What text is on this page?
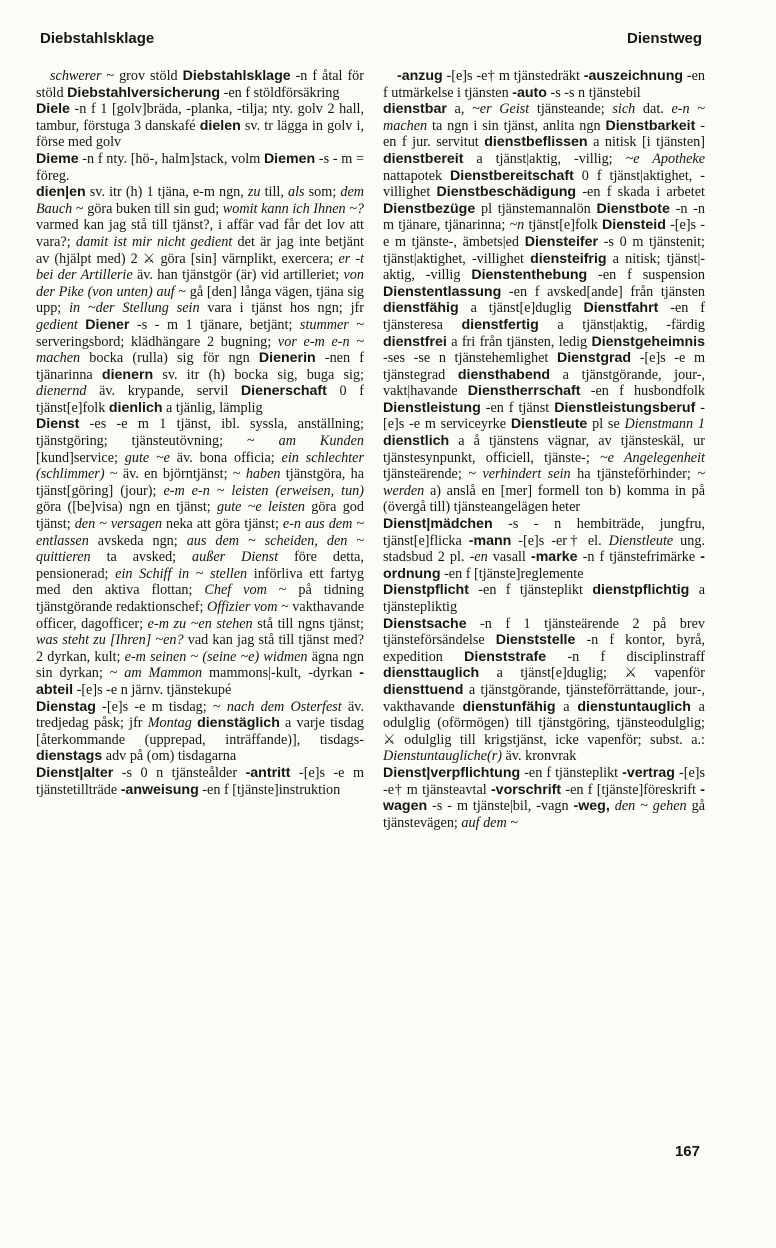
Diebstahlsklage	Dienstweg

schwerer ~ grov stöld Diebstahlsklage -n f åtal för stöld Diebstahlversicherung -en f stöldförsäkring

Diele -n f 1 [golv]bräda, -planka, -tilja; nty. golv 2 hall, tambur, förstuga 3 danskafé dielen sv. tr lägga in golv i, förse med golv

Dieme -n f nty. [hö-, halm]stack, volm Diemen -s - m = föreg.

dien|en sv. itr (h) 1 tjäna, e-m ngn, zu till, als som; dem Bauch ~ göra buken till sin gud; womit kann ich Ihnen ~? varmed kan jag stå till tjänst?, i affär vad får det lov att vara?; damit ist mir nicht gedient det är jag inte betjänt av (hjälpt med) 2 ⚔ göra [sin] värnplikt, exercera; er -t bei der Artillerie äv. han tjänstgör (är) vid artilleriet; von der Pike (von unten) auf ~ gå [den] långa vägen, tjäna sig upp; in ~der Stellung sein vara i tjänst hos ngn; jfr gedient Diener -s - m 1 tjänare, betjänt; stummer ~ serveringsbord; klädhängare 2 bugning; vor e-m e-n ~ machen bocka (rulla) sig för ngn Dienerin -nen f tjänarinna dienern sv. itr (h) bocka sig, buga sig; dienernd äv. krypande, servil Dienerschaft 0 f tjänst[e]folk dienlich a tjänlig, lämplig

Dienst -es -e m 1 tjänst, ibl. syssla, anställning; tjänstgöring; tjänsteutövning; ~ am Kunden [kund]service; gute ~e äv. bona officia; ein schlechter (schlimmer) ~ äv. en björntjänst; ~ haben tjänstgöra, ha tjänst[göring] (jour); e-m e-n ~ leisten (erweisen, tun) göra ([be]visa) ngn en tjänst; gute ~e leisten göra god tjänst; den ~ versagen neka att göra tjänst; e-n aus dem ~ entlassen avskeda ngn; aus dem ~ scheiden, den ~ quittieren ta avsked; außer Dienst före detta, pensionerad; ein Schiff in ~ stellen införliva ett fartyg med den aktiva flottan; Chef vom ~ på tidning tjänstgörande redaktionschef; Offizier vom ~ vakthavande officer, dagofficer; e-m zu ~en stehen stå till ngns tjänst; was steht zu [Ihren] ~en? vad kan jag stå till tjänst med? 2 dyrkan, kult; e-m seinen ~ (seine ~e) widmen ägna ngn sin dyrkan; ~ am Mammon mammons|-kult, -dyrkan -abteil -[e]s -e n järnv. tjänstekupé

Dienstag -[e]s -e m tisdag; ~ nach dem Osterfest äv. tredjedag påsk; jfr Montag dienstäglich a varje tisdag [återkommande (upprepad, inträffande)], tisdags- dienstags adv på (om) tisdagarna

Dienst|alter -s 0 n tjänsteålder -antritt -[e]s -e m tjänstetillträde -anweisung -en f [tjänste]instruktion

-anzug -[e]s -e† m tjänstedräkt -auszeichnung -en f utmärkelse i tjänsten -auto -s -s n tjänstebil

dienstbar a, ~er Geist tjänsteande; sich dat. e-n ~ machen ta ngn i sin tjänst, anlita ngn Dienstbarkeit -en f jur. servitut dienstbeflissen a nitisk [i tjänsten] dienstbereit a tjänst|aktig, -villig; ~e Apotheke nattapotek Dienstbereitschaft 0 f tjänst|aktighet, -villighet Dienstbeschädigung -en f skada i arbetet Dienstbezüge pl tjänstemannalön Dienstbote -n -n m tjänare, tjänarinna; ~n tjänst[e]folk Diensteid -[e]s -e m tjänste-, ämbets|ed Diensteifer -s 0 m tjänstenit; tjänst|aktighet, -villighet diensteifrig a nitisk; tjänst|-aktig, -villig Dienstenthebung -en f suspension Dienstentlassung -en f avsked[ande] från tjänsten dienstfähig a tjänst[e]duglig Dienstfahrt -en f tjänsteresa dienstfertig a tjänst|aktig, -färdig dienstfrei a fri från tjänsten, ledig Dienstgeheimnis -ses -se n tjänstehemlighet Dienstgrad -[e]s -e m tjänstegrad diensthabend a tjänstgörande, jour-, vakt|havande Dienstherrschaft -en f husbondfolk Dienstleistung -en f tjänst Dienstleistungsberuf -[e]s -e m serviceyrke Dienstleute pl se Dienstmann 1 dienstlich a å tjänstens vägnar, av tjänsteskäl, ur tjänstesynpunkt, officiell, tjänste-; ~e Angelegenheit tjänsteärende; ~ verhindert sein ha tjänsteförhinder; ~ werden a) anslå en [mer] formell ton b) komma in på (övergå till) tjänsteangelägen heter

Dienst|mädchen -s - n hembiträde, jungfru, tjänst[e]flicka -mann -[e]s -er† el. Dienstleute ung. stadsbud 2 pl. -en vasall -marke -n f tjänstefrimärke -ordnung -en f [tjänste]reglemente

Dienstpflicht -en f tjänsteplikt dienstpflichtig a tjänstepliktig

Dienstsache -n f 1 tjänsteärende 2 på brev tjänsteförsändelse Dienststelle -n f kontor, byrå, expedition Dienststrafe -n f disciplinstraff diensttauglich a tjänst[e]duglig; ⚔ vapenför diensttuend a tjänstgörande, tjänsteförrättande, jour-, vakthavande dienstunfähig a dienstuntauglich a odulglig (oförmögen) till tjänstgöring, tjänsteodulglig; ⚔ odulglig till krigstjänst, icke vapenför; subst. a.: Dienstuntaugliche(r) äv. kronvrak

Dienst|verpflichtung -en f tjänsteplikt -vertrag -[e]s -e† m tjänsteavtal -vorschrift -en f [tjänste]föreskrift -wagen -s - m tjänste|bil, -vagn -weg, den ~ gehen gå tjänstevägen; auf dem ~

167
